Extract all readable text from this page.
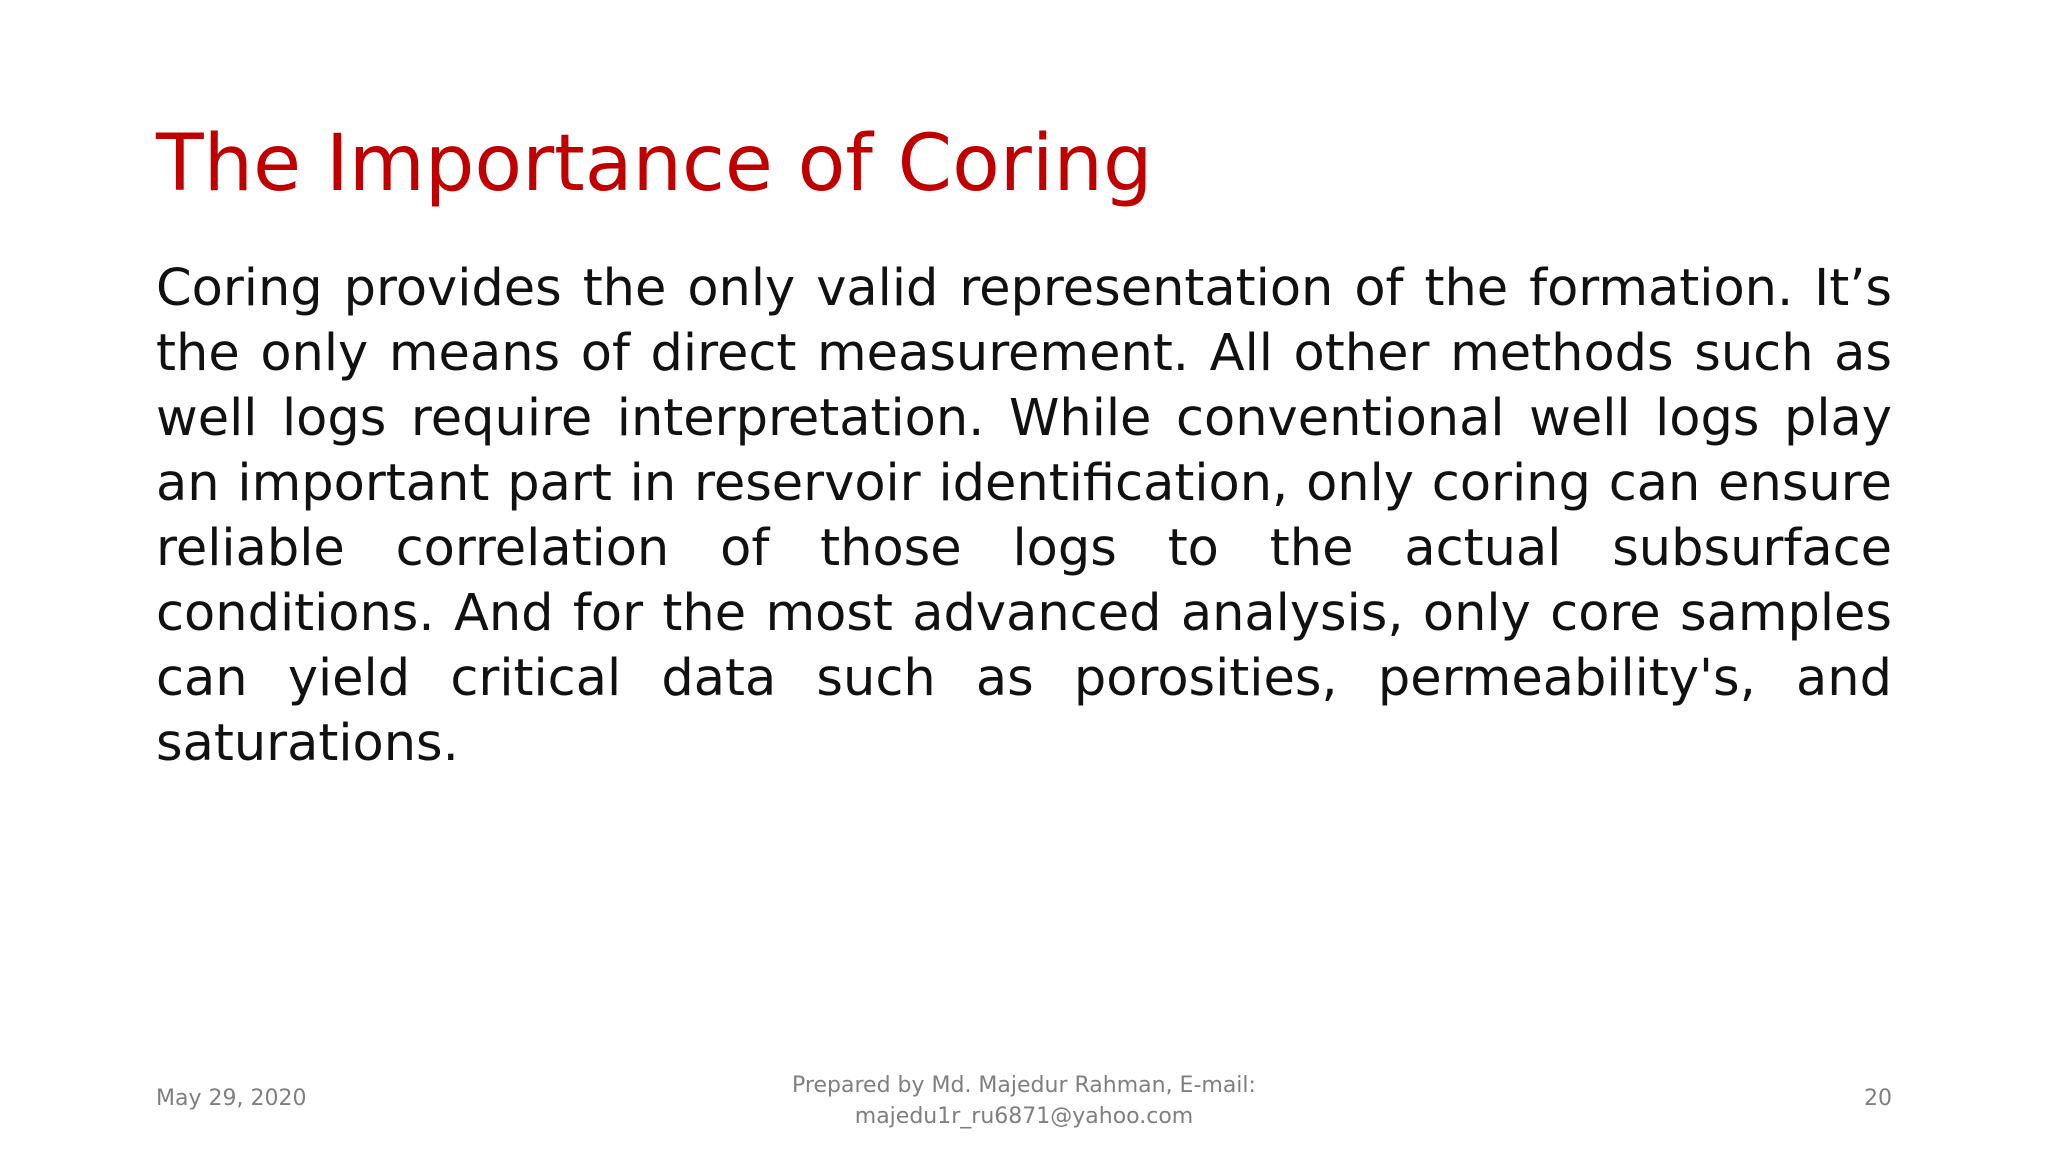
The Importance of Coring

Coring provides the only valid representation of the formation. It’s the only means of direct measurement. All other methods such as well logs require interpretation. While conventional well logs play an important part in reservoir identification, only coring can ensure reliable correlation of those logs to the actual subsurface conditions. And for the most advanced analysis, only core samples can yield critical data such as porosities, permeability's, and saturations.

May 29, 2020
Prepared by Md. Majedur Rahman, E-mail:
majedu1r_ru6871@yahoo.com
20
